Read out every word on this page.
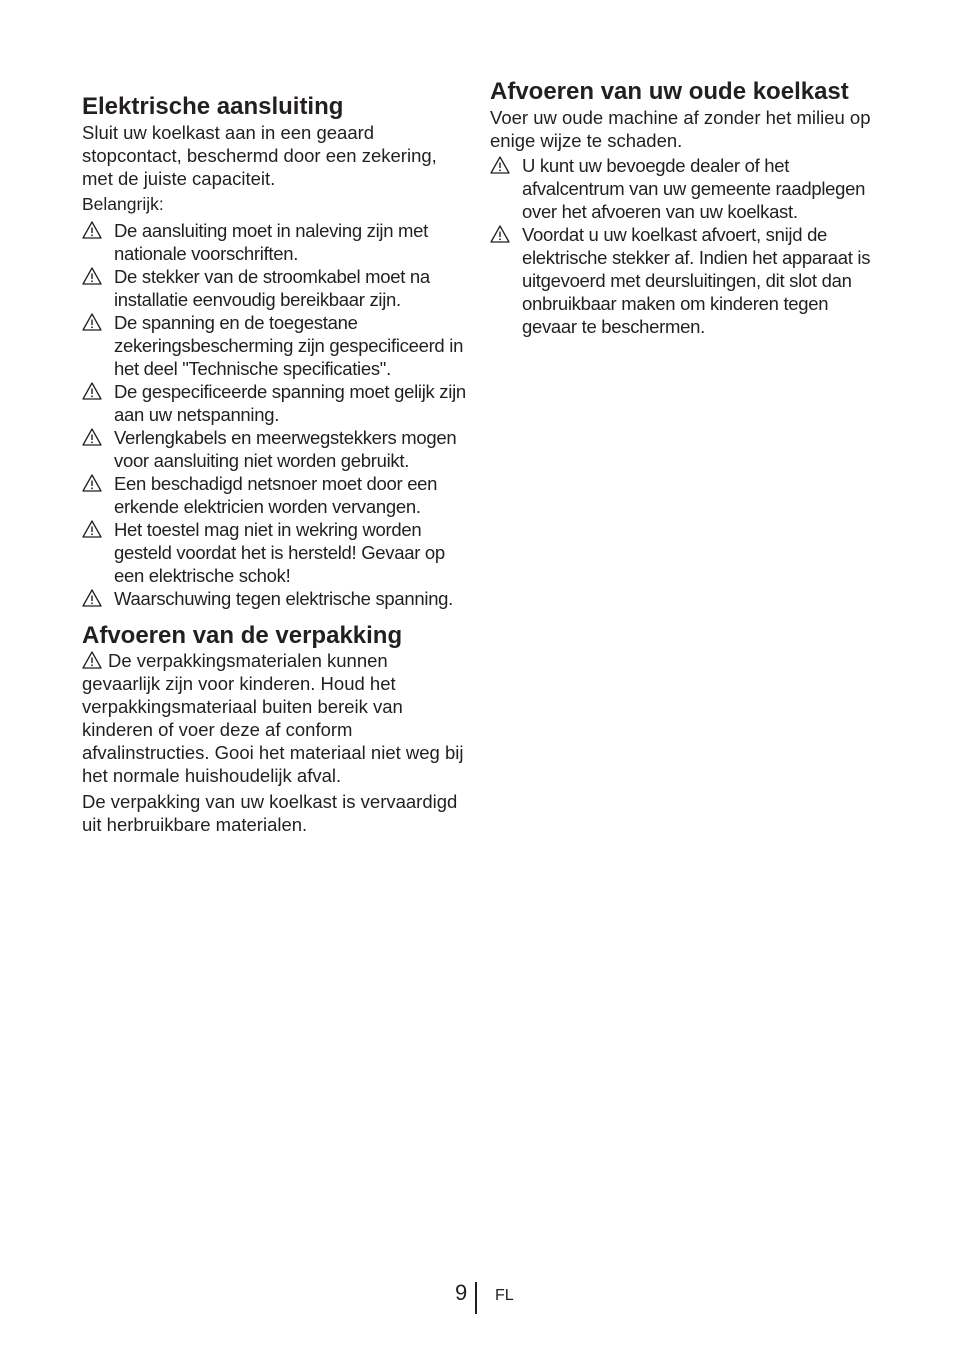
Elektrische aansluiting

Sluit uw koelkast aan in een geaard stopcontact, beschermd door een zekering, met de juiste capaciteit.

Belangrijk:

De aansluiting moet in naleving zijn met nationale voorschriften.
De stekker van de stroomkabel moet na installatie eenvoudig bereikbaar zijn.
De spanning en de toegestane zekeringsbescherming zijn gespecificeerd in het deel "Technische specificaties".
De gespecificeerde spanning moet gelijk zijn aan uw netspanning.
Verlengkabels en meerwegstekkers mogen voor aansluiting niet worden gebruikt.
Een beschadigd netsnoer moet door een erkende elektricien worden vervangen.
Het toestel mag niet in wekring worden gesteld voordat het is hersteld! Gevaar op een elektrische schok!
Waarschuwing tegen elektrische spanning.
Afvoeren van de verpakking

De verpakkingsmaterialen kunnen gevaarlijk zijn voor kinderen. Houd het verpakkingsmateriaal buiten bereik van kinderen of voer deze af conform afvalinstructies. Gooi het materiaal niet weg bij het normale huishoudelijk afval.

De verpakking van uw koelkast is vervaardigd uit herbruikbare materialen.

Afvoeren van uw oude koelkast

Voer uw oude machine af zonder het milieu op enige wijze te schaden.

U kunt uw bevoegde dealer of het afvalcentrum van uw gemeente raadplegen over het afvoeren van uw koelkast.
Voordat u uw koelkast afvoert, snijd de elektrische stekker af. Indien het apparaat is uitgevoerd met deursluitingen, dit slot dan onbruikbaar maken om kinderen tegen gevaar te beschermen.
9 FL
